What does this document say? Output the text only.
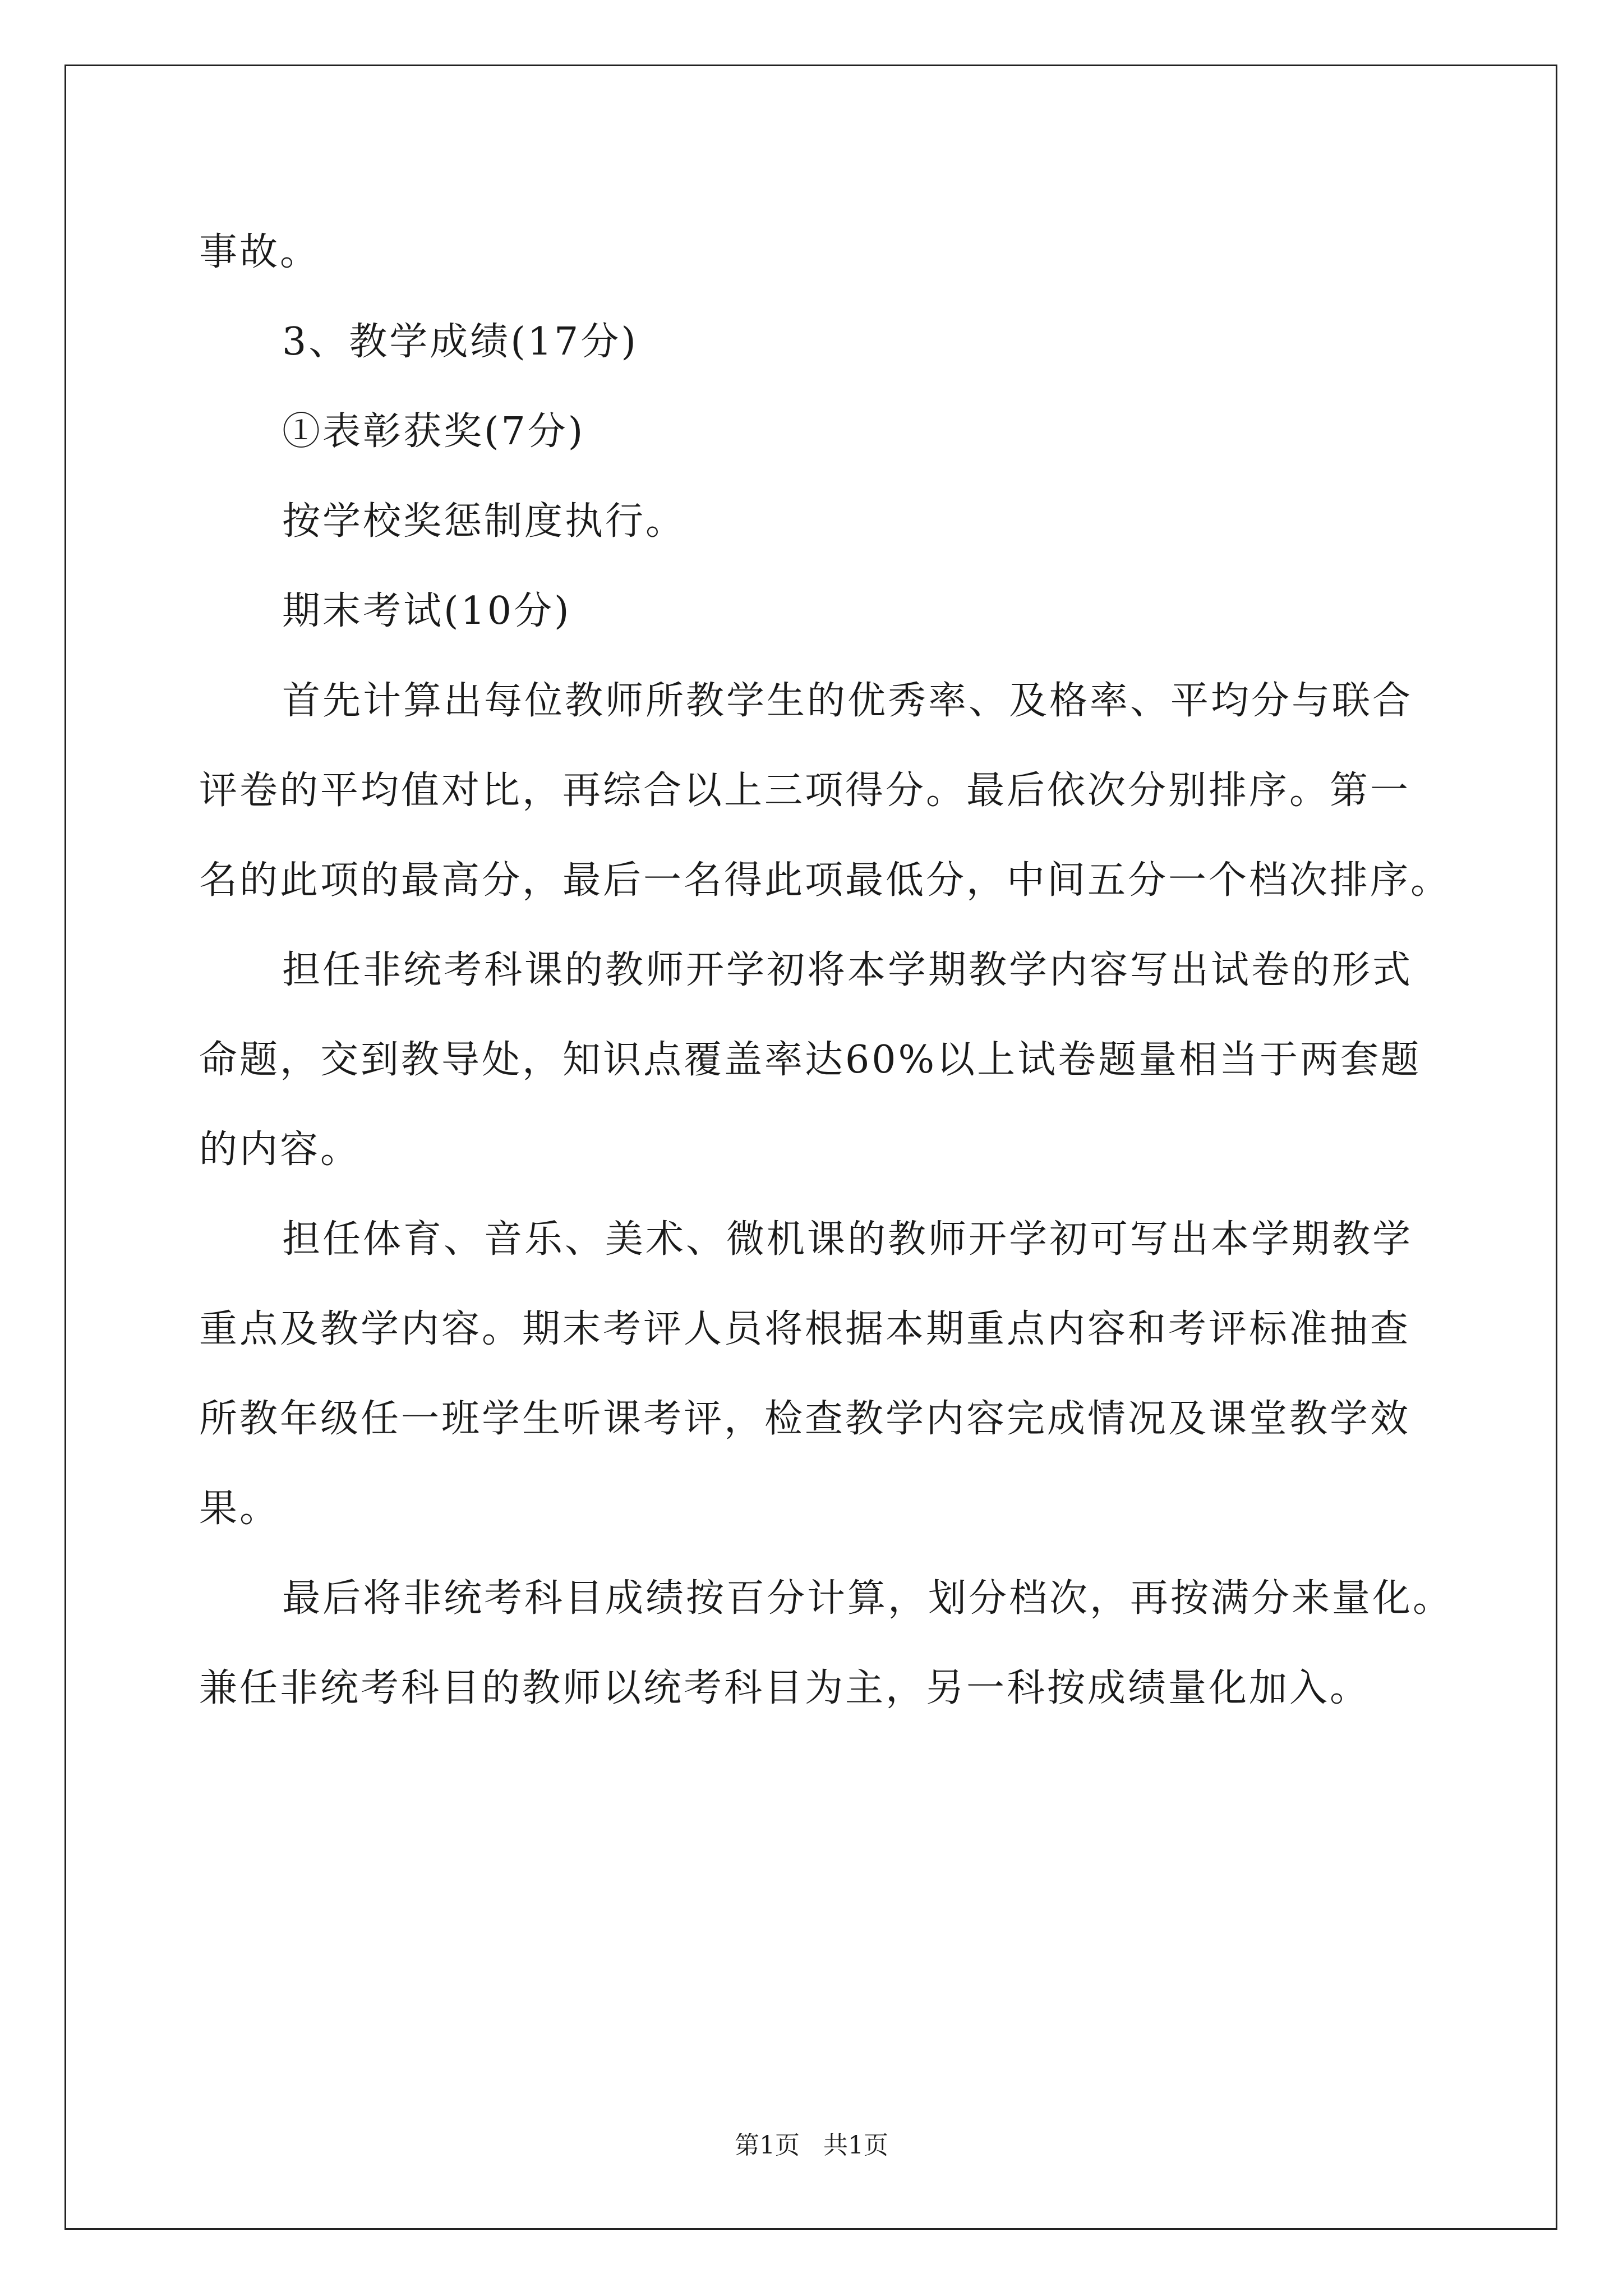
事故。
3、教学成绩(17分)
①表彰获奖(7分)
按学校奖惩制度执行。
期末考试(10分)
首先计算出每位教师所教学生的优秀率、及格率、平均分与联合
评卷的平均值对比，再综合以上三项得分。最后依次分别排序。第一
名的此项的最高分，最后一名得此项最低分，中间五分一个档次排序。
担任非统考科课的教师开学初将本学期教学内容写出试卷的形式
命题，交到教导处，知识点覆盖率达60%以上试卷题量相当于两套题
的内容。
担任体育、音乐、美术、微机课的教师开学初可写出本学期教学
重点及教学内容。期末考评人员将根据本期重点内容和考评标准抽查
所教年级任一班学生听课考评，检查教学内容完成情况及课堂教学效
果。
最后将非统考科目成绩按百分计算，划分档次，再按满分来量化。
兼任非统考科目的教师以统考科目为主，另一科按成绩量化加入。
第1页 共1页
